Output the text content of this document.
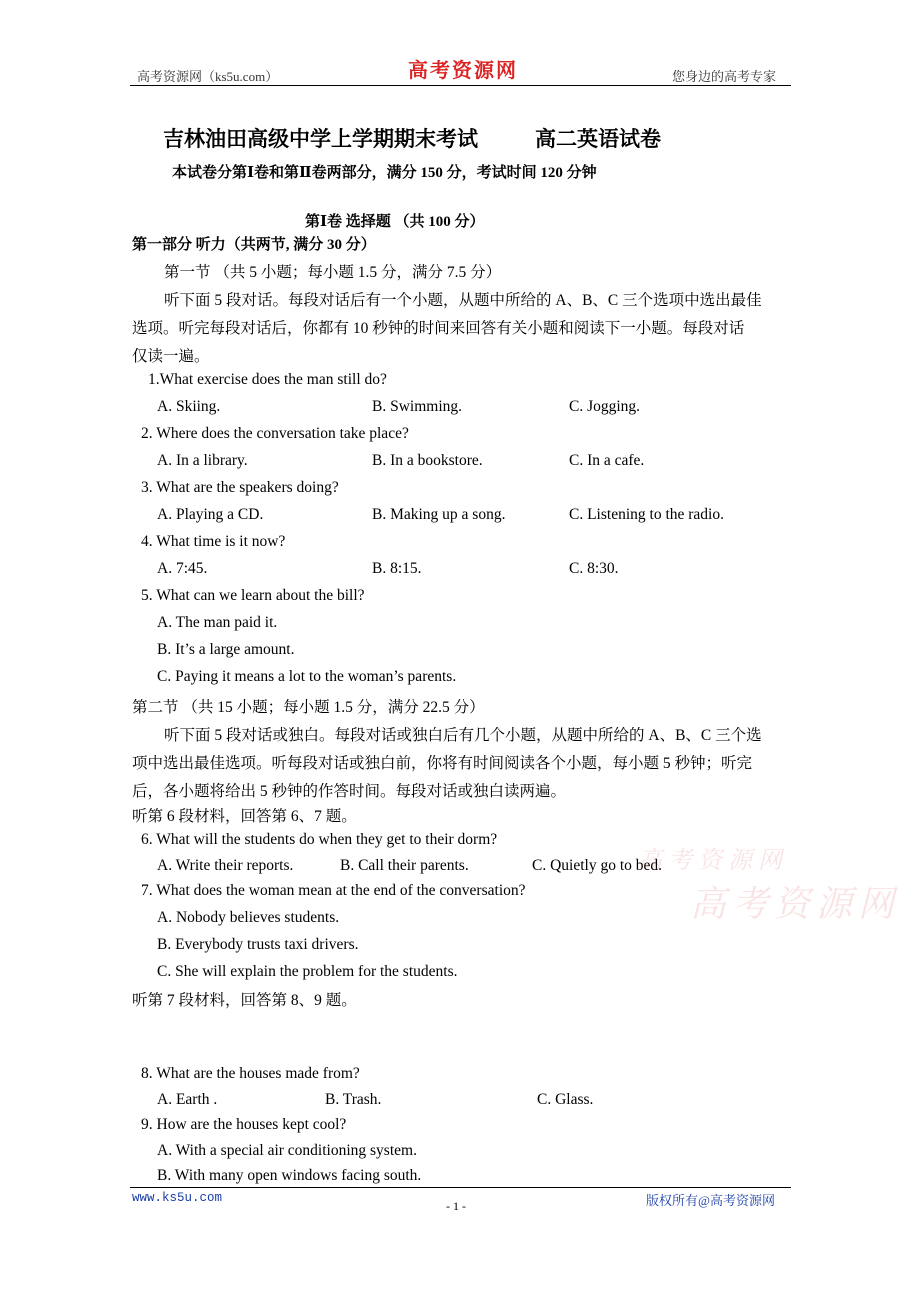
高考资源网（ks5u.com）	高考资源网	您身边的高考专家
吉林油田高级中学上学期期末考试	高二英语试卷
本试卷分第Ⅰ卷和第Ⅱ卷两部分，满分 150 分，考试时间 120 分钟
第Ⅰ卷 选择题 （共 100 分）
第一部分 听力（共两节, 满分 30 分）
第一节 （共 5 小题；每小题 1.5 分，满分 7.5 分）
听下面 5 段对话。每段对话后有一个小题，从题中所给的 A、B、C 三个选项中选出最佳
选项。听完每段对话后，你都有 10 秒钟的时间来回答有关小题和阅读下一小题。每段对话
仅读一遍。
1.What exercise does the man still do?
A. Skiing.	B. Swimming.	C. Jogging.
2. Where does the conversation take place?
A. In a library.	B. In a bookstore.	C. In a cafe.
3. What are the speakers doing?
A. Playing a CD.	B. Making up a song.	C. Listening to the radio.
4. What time is it now?
A. 7:45.	B. 8:15.	C. 8:30.
5. What can we learn about the bill?
A. The man paid it.
B. It’s a large amount.
C. Paying it means a lot to the woman’s parents.
第二节 （共 15 小题；每小题 1.5 分，满分 22.5 分）
听下面 5 段对话或独白。每段对话或独白后有几个小题，从题中所给的 A、B、C 三个选
项中选出最佳选项。听每段对话或独白前，你将有时间阅读各个小题，每小题 5 秒钟；听完
后，各小题将给出 5 秒钟的作答时间。每段对话或独白读两遍。
听第 6 段材料，回答第 6、7 题。
6. What will the students do when they get to their dorm?
A. Write their reports.	B. Call their parents.	C. Quietly go to bed.
高考资源网
高考资源网
7. What does the woman mean at the end of the conversation?
A. Nobody believes students.
B. Everybody trusts taxi drivers.
C. She will explain the problem for the students.
听第 7 段材料，回答第 8、9 题。
8. What are the houses made from?
A. Earth .	B. Trash.	C. Glass.
9. How are the houses kept cool?
A. With a special air conditioning system.
B. With many open windows facing south.
www.ks5u.com
- 1 -	版权所有@高考资源网
